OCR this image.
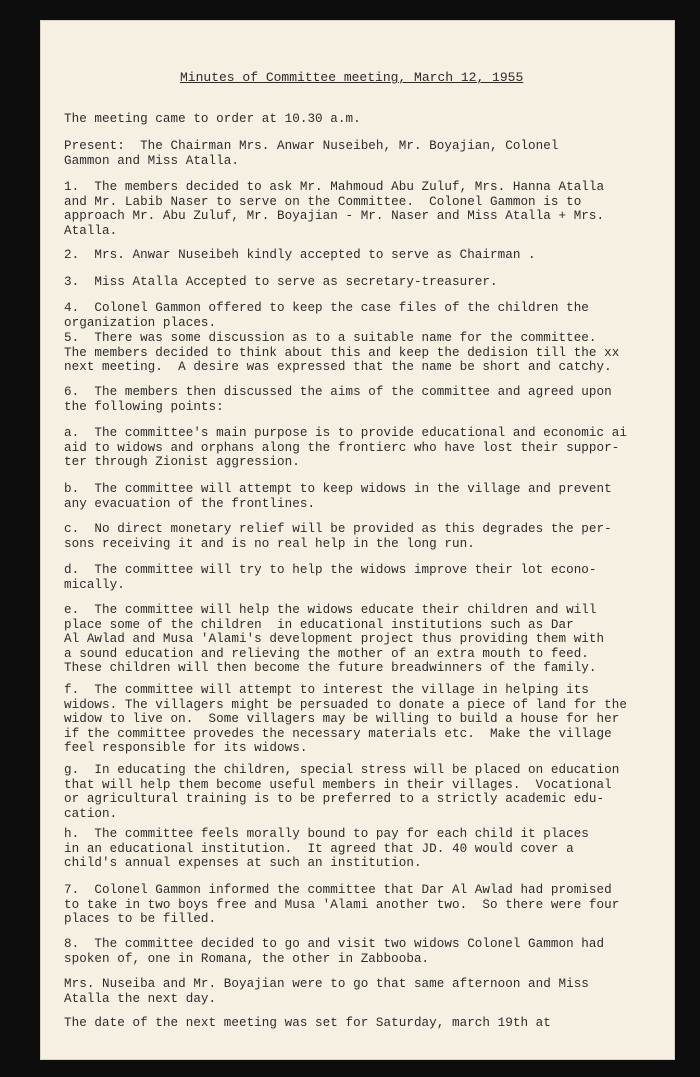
Minutes of Committee meeting, March 12, 1955
The meeting came to order at 10.30 a.m.
Present:  The Chairman Mrs. Anwar Nuseibeh, Mr. Boyajian, Colonel
Gammon and Miss Atalla.
1.  The members decided to ask Mr. Mahmoud Abu Zuluf, Mrs. Hanna Atalla
and Mr. Labib Naser to serve on the Committee.  Colonel Gammon is to
approach Mr. Abu Zuluf, Mr. Boyajian - Mr. Naser and Miss Atalla + Mrs.
Atalla.
2.  Mrs. Anwar Nuseibeh kindly accepted to serve as Chairman .
3.  Miss Atalla Accepted to serve as secretary-treasurer.
4.  Colonel Gammon offered to keep the case files of the children the
organization places.
5.  There was some discussion as to a suitable name for the committee.
The members decided to think about this and keep the dedision till the xx
next meeting.  A desire was expressed that the name be short and catchy.
6.  The members then discussed the aims of the committee and agreed upon
the following points:
a.  The committee's main purpose is to provide educational and economic ai
aid to widows and orphans along the frontierc who have lost their suppor-
ter through Zionist aggression.
b.  The committee will attempt to keep widows in the village and prevent
any evacuation of the frontlines.
c.  No direct monetary relief will be provided as this degrades the per-
sons receiving it and is no real help in the long run.
d.  The committee will try to help the widows improve their lot econo-
mically.
e.  The committee will help the widows educate their children and will
place some of the children  in educational institutions such as Dar
Al Awlad and Musa 'Alami's development project thus providing them with
a sound education and relieving the mother of an extra mouth to feed.
These children will then become the future breadwinners of the family.
f.  The committee will attempt to interest the village in helping its
widows. The villagers might be persuaded to donate a piece of land for the
widow to live on.  Some villagers may be willing to build a house for her
if the committee provedes the necessary materials etc.  Make the village
feel responsible for its widows.
g.  In educating the children, special stress will be placed on education
that will help them become useful members in their villages.  Vocational
or agricultural training is to be preferred to a strictly academic edu-
cation.
h.  The committee feels morally bound to pay for each child it places
in an educational institution.  It agreed that JD. 40 would cover a
child's annual expenses at such an institution.
7.  Colonel Gammon informed the committee that Dar Al Awlad had promised
to take in two boys free and Musa 'Alami another two.  So there were four
places to be filled.
8.  The committee decided to go and visit two widows Colonel Gammon had
spoken of, one in Romana, the other in Zabbooba.
Mrs. Nuseiba and Mr. Boyajian were to go that same afternoon and Miss
Atalla the next day.
The date of the next meeting was set for Saturday, march 19th at
